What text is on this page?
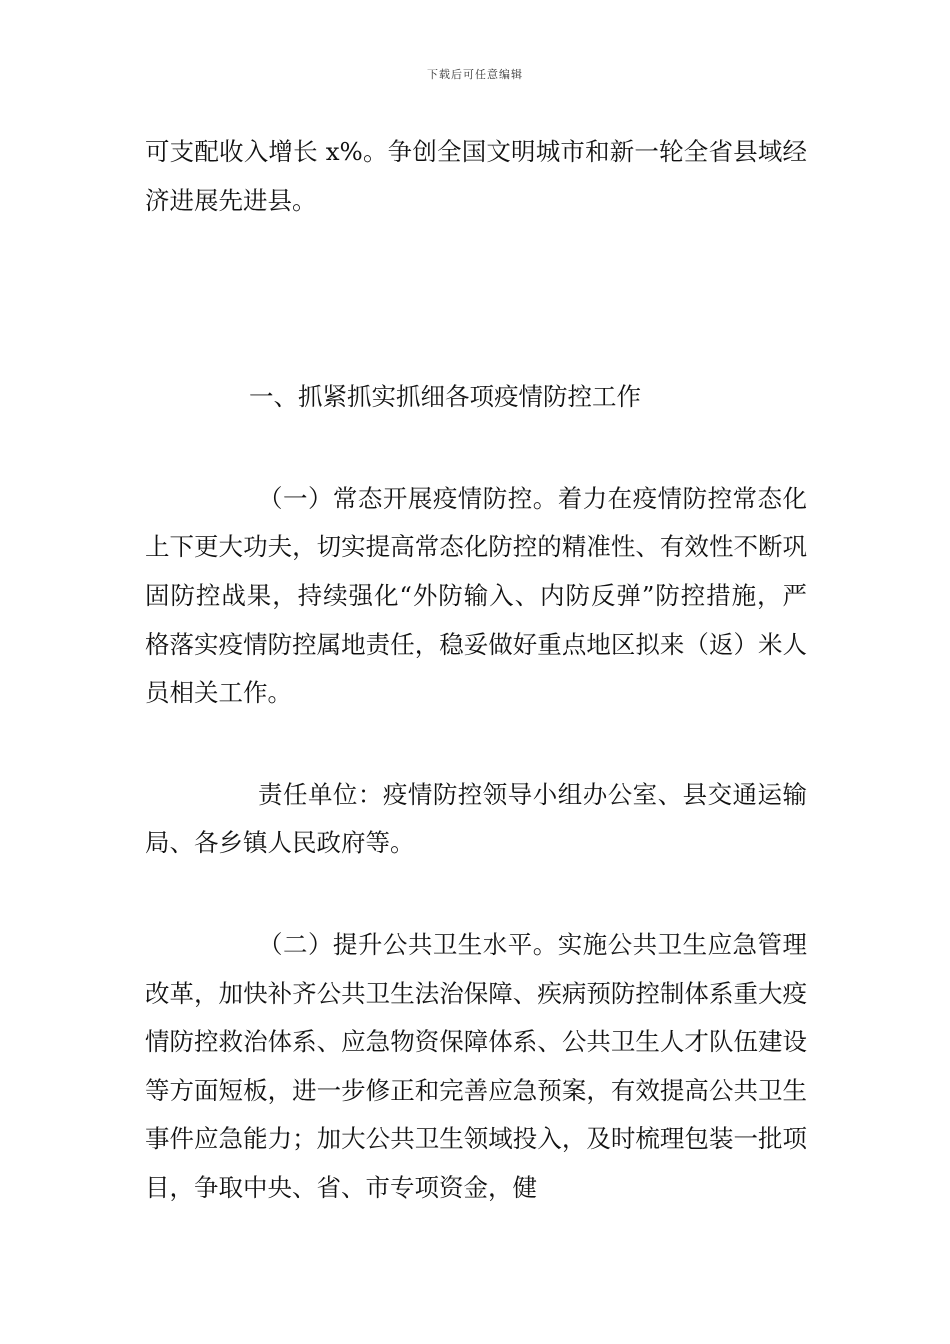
下载后可任意编辑

可支配收入增长 x%。争创全国文明城市和新一轮全省县域经济进展先进县。

一、抓紧抓实抓细各项疫情防控工作

（一）常态开展疫情防控。着力在疫情防控常态化上下更大功夫，切实提高常态化防控的精准性、有效性不断巩固防控战果，持续强化“外防输入、内防反弹”防控措施，严格落实疫情防控属地责任，稳妥做好重点地区拟来（返）米人员相关工作。

责任单位：疫情防控领导小组办公室、县交通运输局、各乡镇人民政府等。

（二）提升公共卫生水平。实施公共卫生应急管理改革，加快补齐公共卫生法治保障、疾病预防控制体系重大疫情防控救治体系、应急物资保障体系、公共卫生人才队伍建设等方面短板，进一步修正和完善应急预案，有效提高公共卫生事件应急能力；加大公共卫生领域投入，及时梳理包装一批项目，争取中央、省、市专项资金，健
